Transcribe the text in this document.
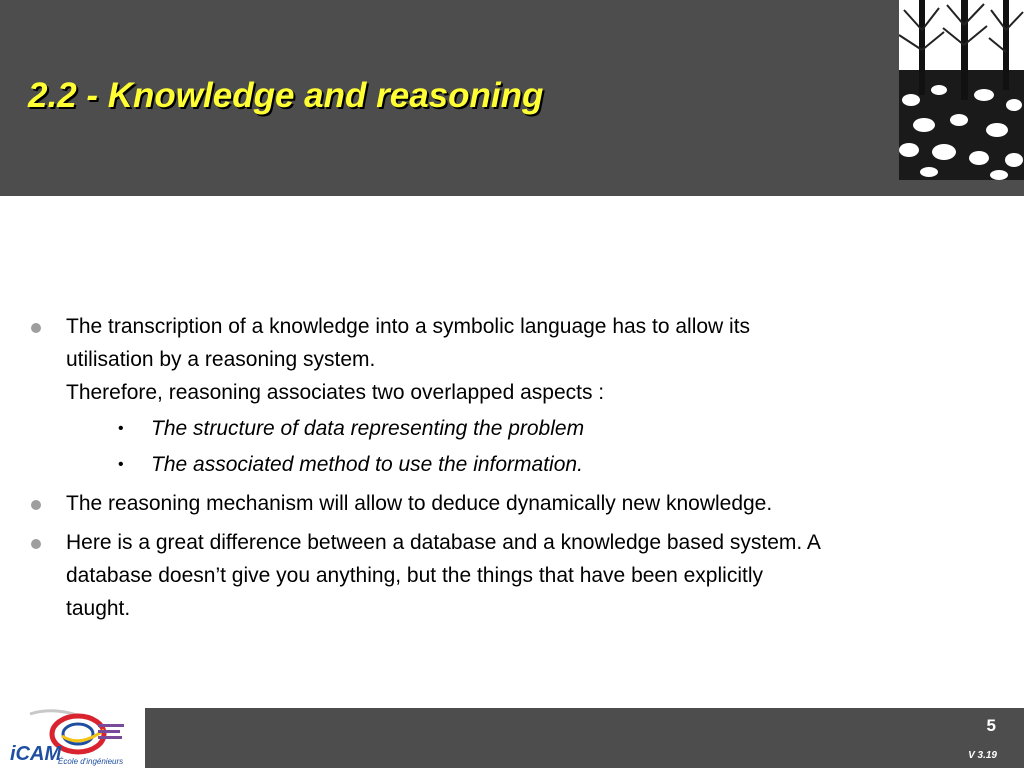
2.2 - Knowledge and reasoning
The transcription of a knowledge into a symbolic language has to allow its
utilisation by a reasoning system.
Therefore, reasoning associates two overlapped aspects :
• The structure of data representing the problem
• The associated method to use the information.
The reasoning mechanism will allow to deduce dynamically new knowledge.
Here is a great difference between a database and a knowledge based system. A
database doesn’t give you anything, but the things that have been explicitly
taught.
iCAM
École d'ingénieurs
5
V 3.19
